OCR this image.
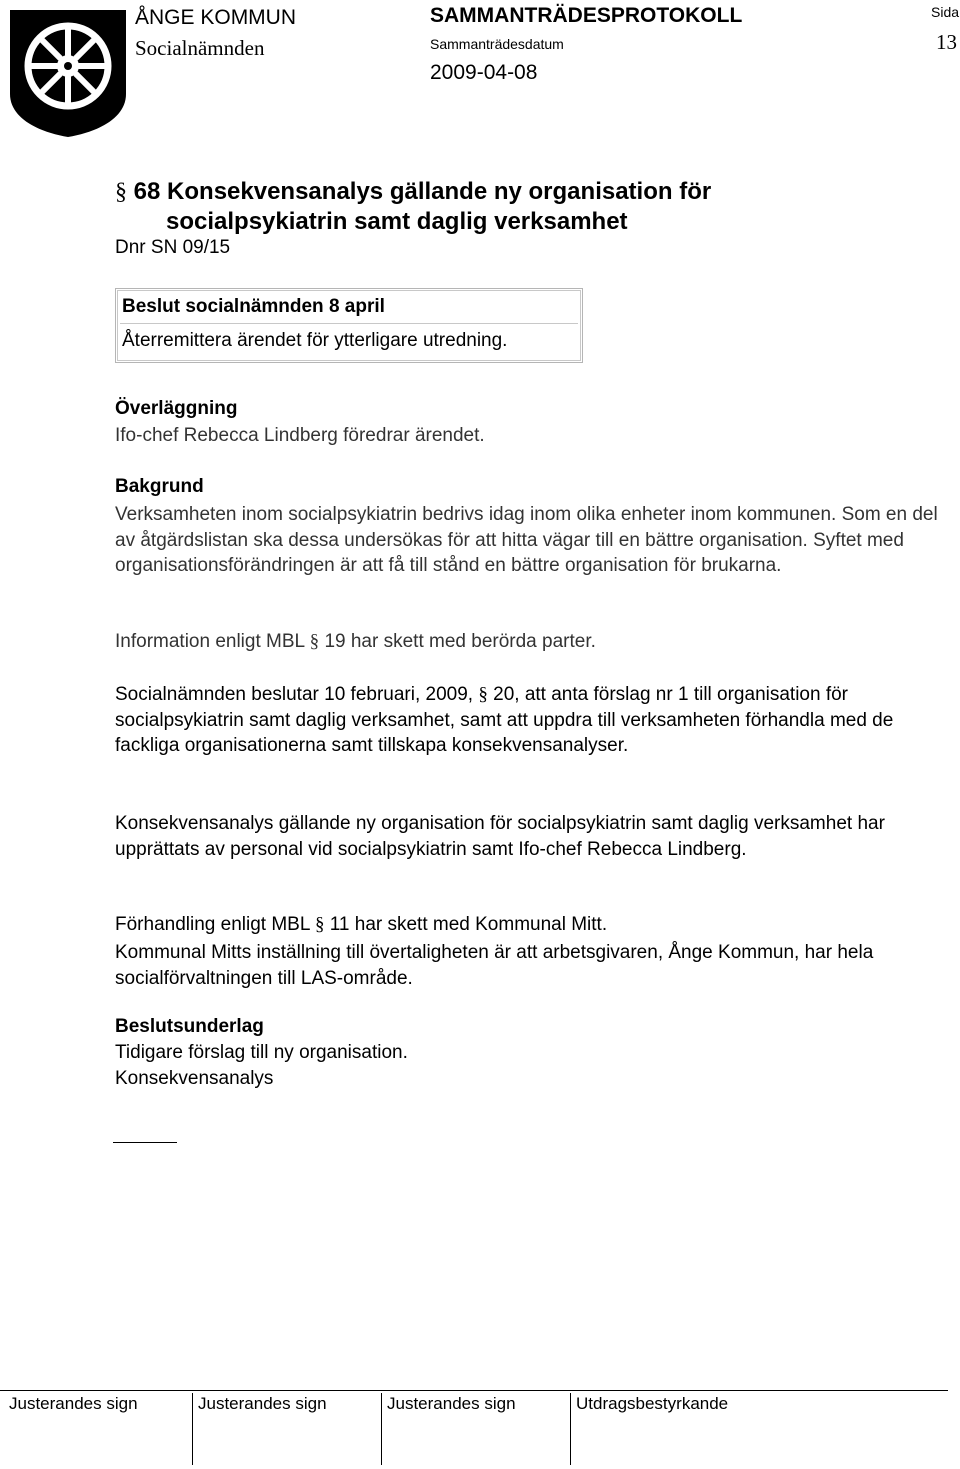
ÅNGE KOMMUN
Socialnämnden
SAMMANTRÄDESPROTOKOLL
Sammanträdesdatum
2009-04-08
Sida
13
§ 68 Konsekvensanalys gällande ny organisation för
socialpsykiatrin samt daglig verksamhet
Dnr SN 09/15
Beslut socialnämnden 8 april
Återremittera ärendet för ytterligare utredning.
Överläggning
Ifo-chef Rebecca Lindberg föredrar ärendet.
Bakgrund
Verksamheten inom socialpsykiatrin bedrivs idag inom olika enheter inom kommunen. Som en del av åtgärdslistan ska dessa undersökas för att hitta vägar till en bättre organisation. Syftet med organisationsförändringen är att få till stånd en bättre organisation för brukarna.
Information enligt MBL § 19 har skett med berörda parter.
Socialnämnden beslutar 10 februari, 2009, § 20, att anta förslag nr 1 till organisation för socialpsykiatrin samt daglig verksamhet, samt att uppdra till verksamheten förhandla med de fackliga organisationerna samt tillskapa konsekvensanalyser.
Konsekvensanalys gällande ny organisation för socialpsykiatrin samt daglig verksamhet har upprättats av personal vid socialpsykiatrin samt Ifo-chef Rebecca Lindberg.
Förhandling enligt MBL § 11 har skett med Kommunal Mitt.
Kommunal Mitts inställning till övertaligheten är att arbetsgivaren, Ånge Kommun, har hela socialförvaltningen till LAS-område.
Beslutsunderlag
Tidigare förslag till ny organisation.
Konsekvensanalys
Justerandes sign	Justerandes sign	Justerandes sign	Utdragsbestyrkande
